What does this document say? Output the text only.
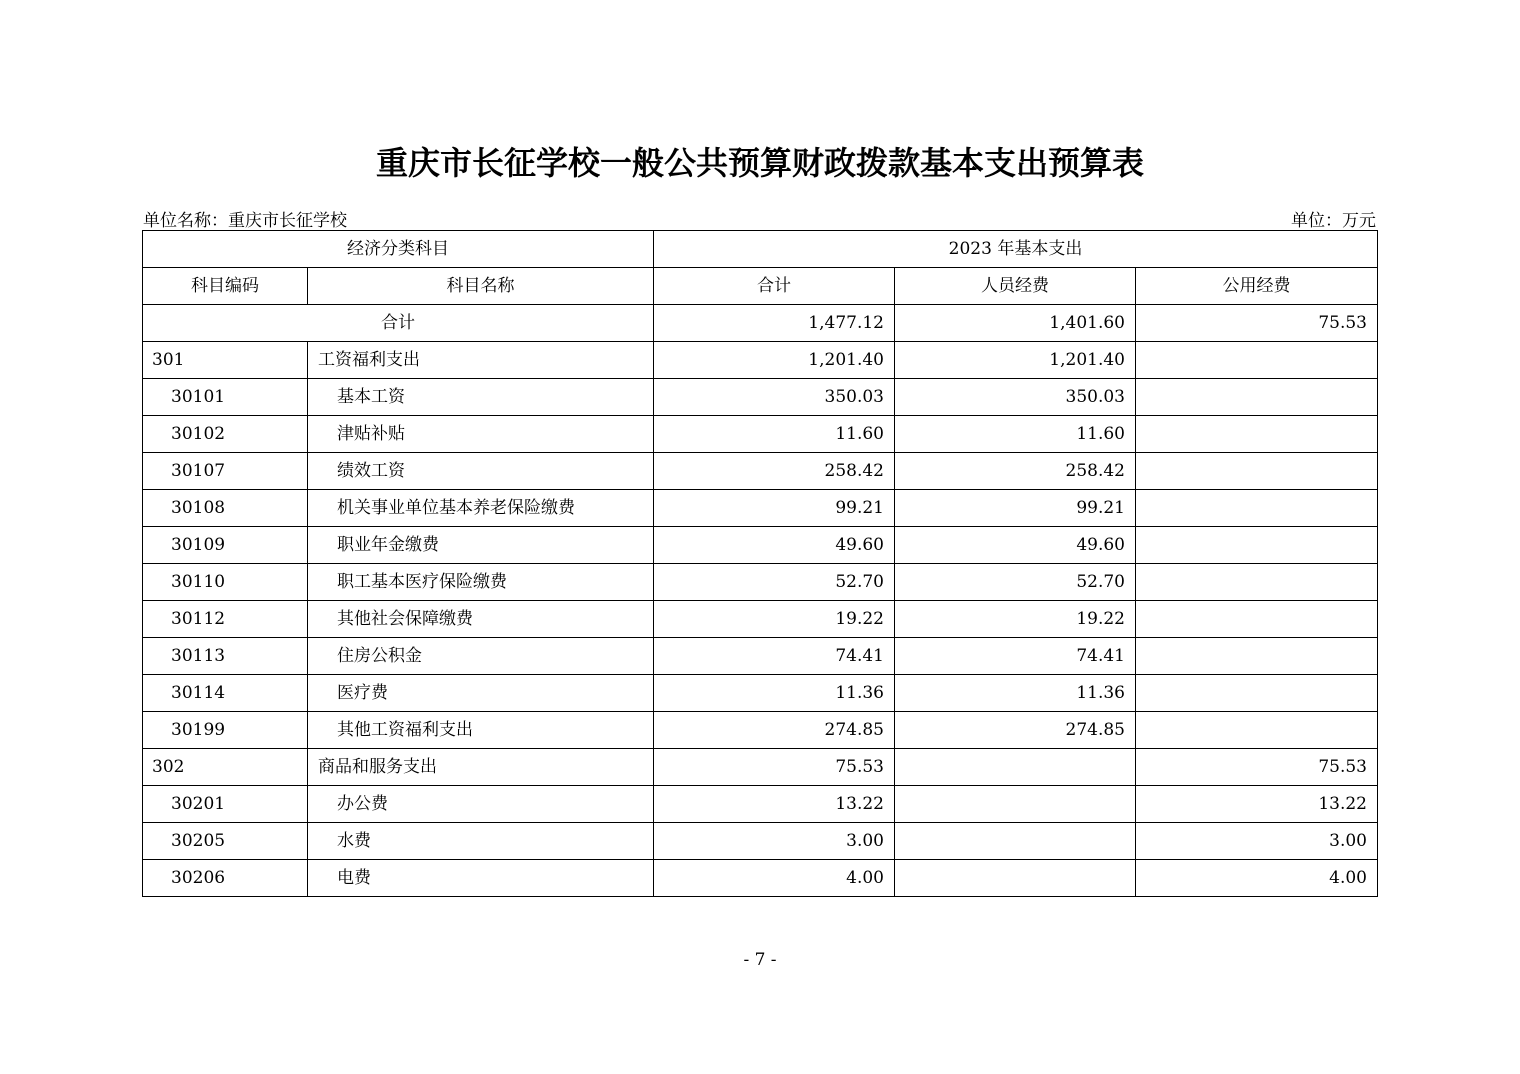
重庆市长征学校一般公共预算财政拨款基本支出预算表
单位名称：重庆市长征学校	单位：万元
经济分类科目		2023 年基本支出		
科目编码	科目名称	合计	人员经费	公用经费
合计		1,477.12	1,401.60	75.53
301	工资福利支出	1,201.40	1,201.40	
30101	基本工资	350.03	350.03	
30102	津贴补贴	11.60	11.60	
30107	绩效工资	258.42	258.42	
30108	机关事业单位基本养老保险缴费	99.21	99.21	
30109	职业年金缴费	49.60	49.60	
30110	职工基本医疗保险缴费	52.70	52.70	
30112	其他社会保障缴费	19.22	19.22	
30113	住房公积金	74.41	74.41	
30114	医疗费	11.36	11.36	
30199	其他工资福利支出	274.85	274.85	
302	商品和服务支出	75.53		75.53
30201	办公费	13.22		13.22
30205	水费	3.00		3.00
30206	电费	4.00		4.00
- 7 -
